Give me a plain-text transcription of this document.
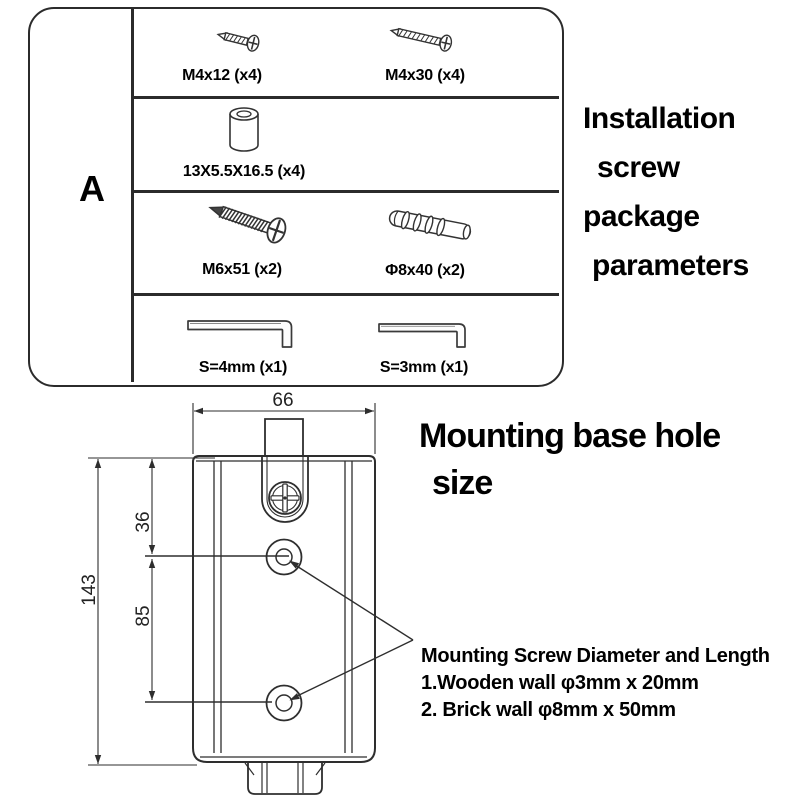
A
M4x12 (x4)	M4x30 (x4)
13X5.5X16.5 (x4)
M6x51 (x2)	Φ8x40 (x2)
S=4mm (x1)	S=3mm (x1)
Installation
screw
package
parameters
Mounting base hole
size
Mounting Screw Diameter and Length
1.Wooden wall φ3mm x 20mm
2. Brick wall φ8mm x 50mm
66
143
36
85
